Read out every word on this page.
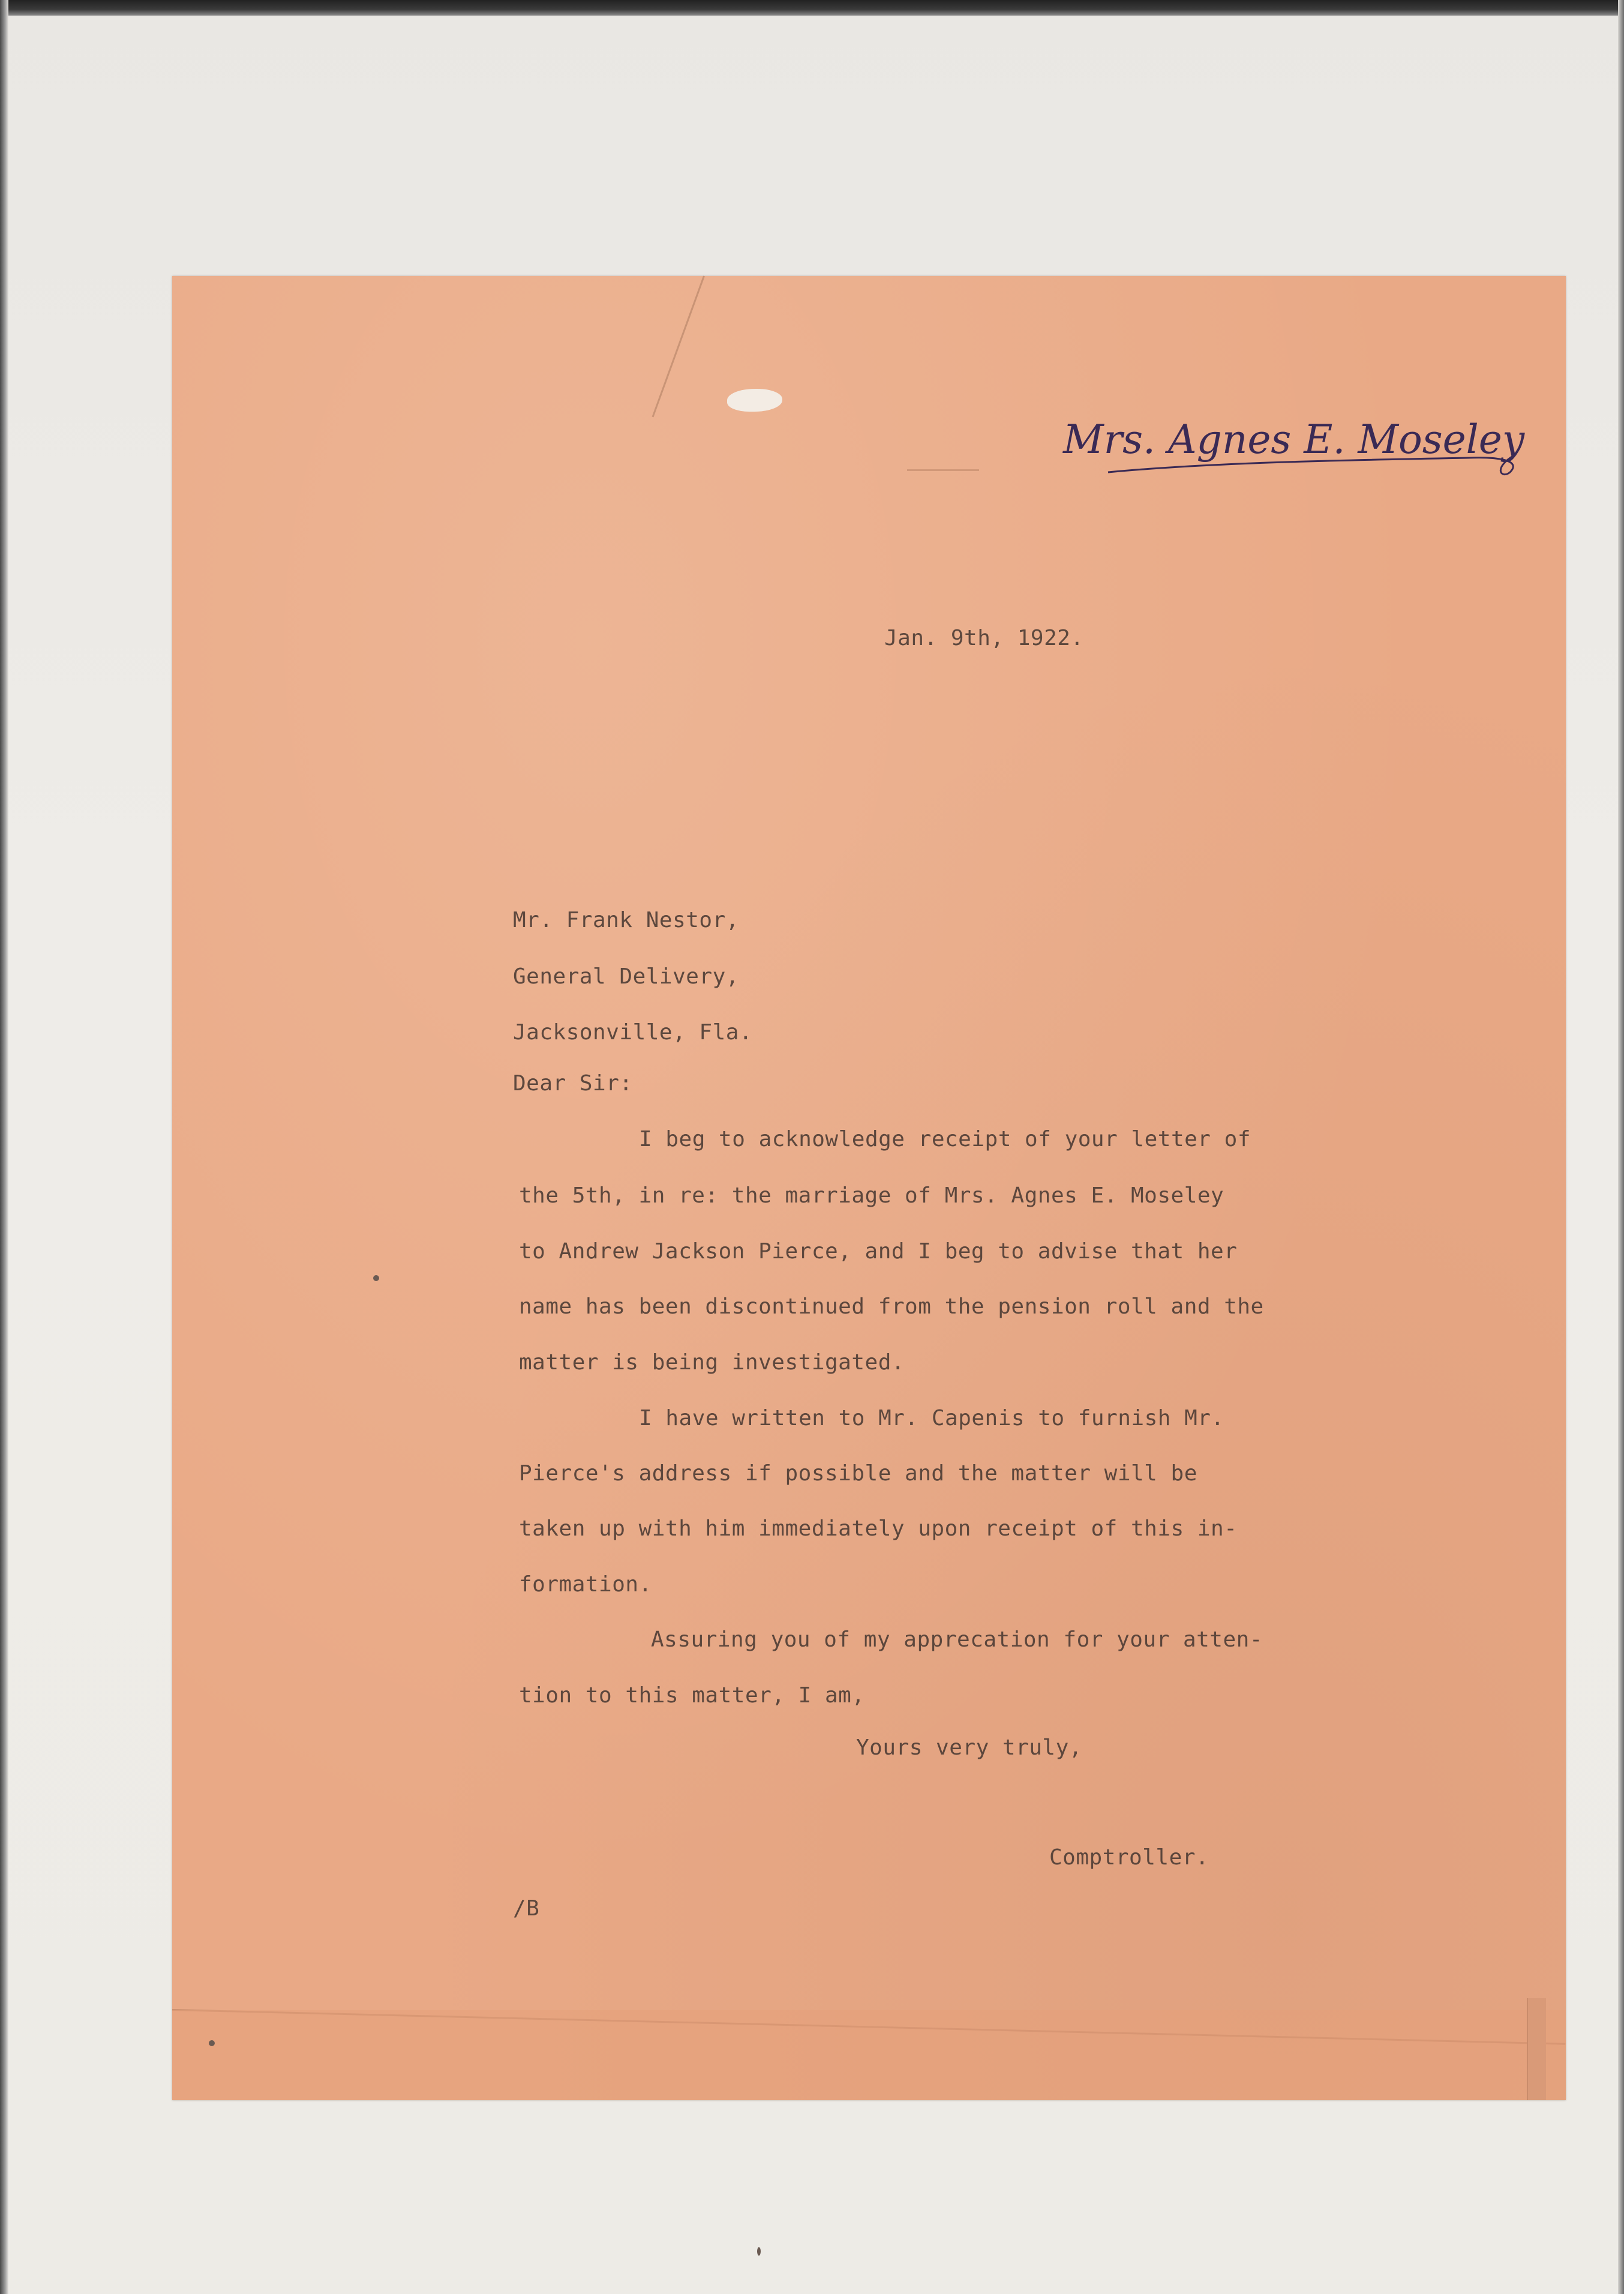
Mrs. Agnes E. Moseley

Jan. 9th, 1922.

Mr. Frank Nestor,

General Delivery,

Jacksonville, Fla.

Dear Sir:

I beg to acknowledge receipt of your letter of

the 5th, in re: the marriage of Mrs. Agnes E. Moseley

to Andrew Jackson Pierce, and I beg to advise that her

name has been discontinued from the pension roll and the

matter is being investigated.

I have written to Mr. Capenis to furnish Mr.

Pierce's address if possible and the matter will be

taken up with him immediately upon receipt of this in-

formation.

Assuring you of my apprecation for your atten-

tion to this matter, I am,

Yours very truly,

Comptroller.

/B
